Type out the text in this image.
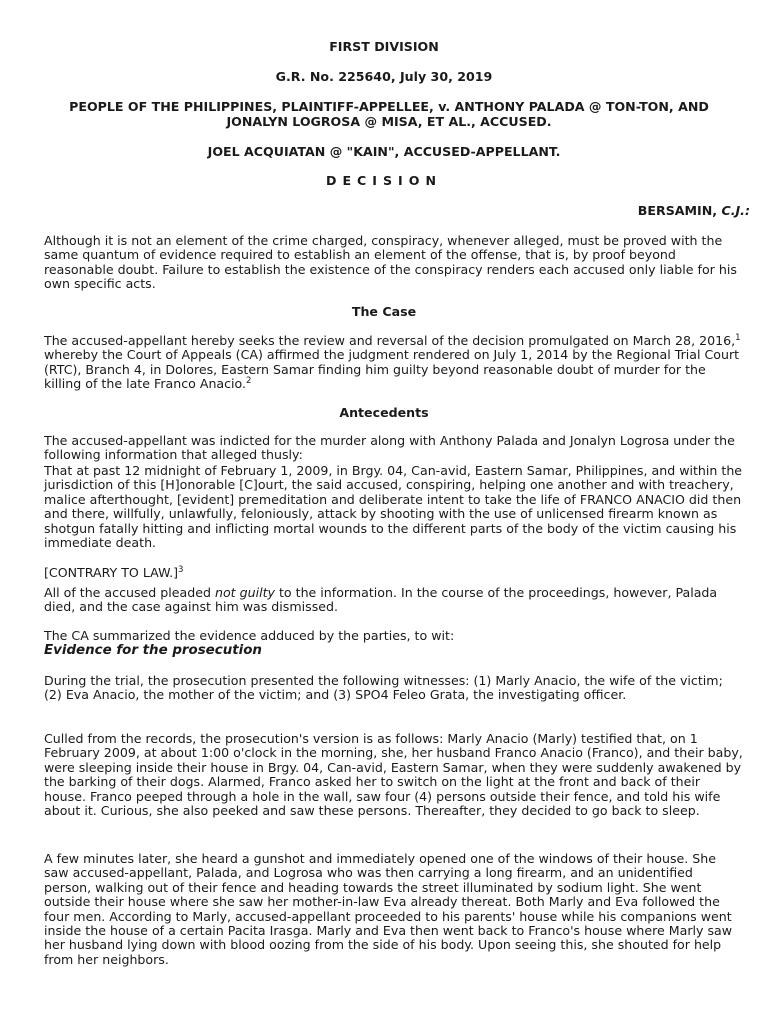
FIRST DIVISION
G.R. No. 225640, July 30, 2019
PEOPLE OF THE PHILIPPINES, PLAINTIFF-APPELLEE, v. ANTHONY PALADA @ TON-TON, AND JONALYN LOGROSA @ MISA, ET AL., ACCUSED.
JOEL ACQUIATAN @ "KAIN", ACCUSED-APPELLANT.
DECISION
BERSAMIN, C.J.:

Although it is not an element of the crime charged, conspiracy, whenever alleged, must be proved with the same quantum of evidence required to establish an element of the offense, that is, by proof beyond reasonable doubt. Failure to establish the existence of the conspiracy renders each accused only liable for his own specific acts.

The Case

The accused-appellant hereby seeks the review and reversal of the decision promulgated on March 28, 2016,$^1$ whereby the Court of Appeals (CA) affirmed the judgment rendered on July 1, 2014 by the Regional Trial Court (RTC), Branch 4, in Dolores, Eastern Samar finding him guilty beyond reasonable doubt of murder for the killing of the late Franco Anacio.$^2$

Antecedents

The accused-appellant was indicted for the murder along with Anthony Palada and Jonalyn Logrosa under the following information that alleged thusly:

That at past 12 midnight of February 1, 2009, in Brgy. 04, Can-avid, Eastern Samar, Philippines, and within the jurisdiction of this [H]onorable [C]ourt, the said accused, conspiring, helping one another and with treachery, malice afterthought, [evident] premeditation and deliberate intent to take the life of FRANCO ANACIO did then and there, willfully, unlawfully, feloniously, attack by shooting with the use of unlicensed firearm known as shotgun fatally hitting and inflicting mortal wounds to the different parts of the body of the victim causing his immediate death.

[CONTRARY TO LAW.]$^3$

All of the accused pleaded not guilty to the information. In the course of the proceedings, however, Palada died, and the case against him was dismissed.

The CA summarized the evidence adduced by the parties, to wit:

Evidence for the prosecution

During the trial, the prosecution presented the following witnesses: (1) Marly Anacio, the wife of the victim; (2) Eva Anacio, the mother of the victim; and (3) SPO4 Feleo Grata, the investigating officer.

Culled from the records, the prosecution's version is as follows: Marly Anacio (Marly) testified that, on 1 February 2009, at about 1:00 o'clock in the morning, she, her husband Franco Anacio (Franco), and their baby, were sleeping inside their house in Brgy. 04, Can-avid, Eastern Samar, when they were suddenly awakened by the barking of their dogs. Alarmed, Franco asked her to switch on the light at the front and back of their house. Franco peeped through a hole in the wall, saw four (4) persons outside their fence, and told his wife about it. Curious, she also peeked and saw these persons. Thereafter, they decided to go back to sleep.

A few minutes later, she heard a gunshot and immediately opened one of the windows of their house. She saw accused-appellant, Palada, and Logrosa who was then carrying a long firearm, and an unidentified person, walking out of their fence and heading towards the street illuminated by sodium light. She went outside their house where she saw her mother-in-law Eva already thereat. Both Marly and Eva followed the four men. According to Marly, accused-appellant proceeded to his parents' house while his companions went inside the house of a certain Pacita Irasga. Marly and Eva then went back to Franco's house where Marly saw her husband lying down with blood oozing from the side of his body. Upon seeing this, she shouted for help from her neighbors.
